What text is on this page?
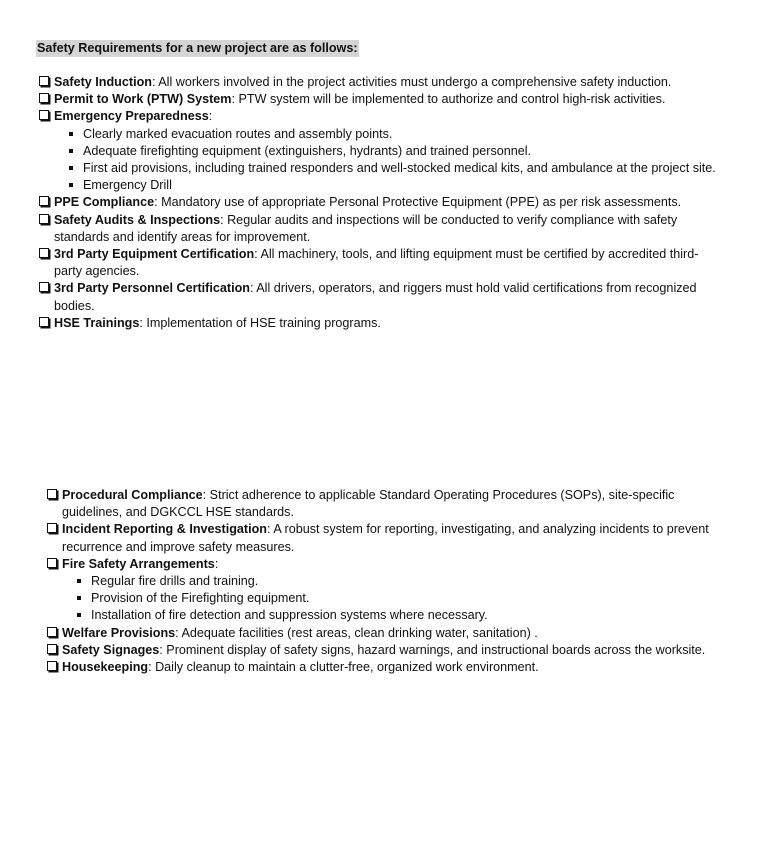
Safety Requirements for a new project are as follows:
Safety Induction: All workers involved in the project activities must undergo a comprehensive safety induction.
Permit to Work (PTW) System: PTW system will be implemented to authorize and control high-risk activities.
Emergency Preparedness:
Clearly marked evacuation routes and assembly points.
Adequate firefighting equipment (extinguishers, hydrants) and trained personnel.
First aid provisions, including trained responders and well-stocked medical kits, and ambulance at the project site.
Emergency Drill
PPE Compliance: Mandatory use of appropriate Personal Protective Equipment (PPE) as per risk assessments.
Safety Audits & Inspections: Regular audits and inspections will be conducted to verify compliance with safety standards and identify areas for improvement.
3rd Party Equipment Certification: All machinery, tools, and lifting equipment must be certified by accredited third-party agencies.
3rd Party Personnel Certification: All drivers, operators, and riggers must hold valid certifications from recognized bodies.
HSE Trainings: Implementation of HSE training programs.
Procedural Compliance: Strict adherence to applicable Standard Operating Procedures (SOPs), site-specific guidelines, and DGKCCL HSE standards.
Incident Reporting & Investigation: A robust system for reporting, investigating, and analyzing incidents to prevent recurrence and improve safety measures.
Fire Safety Arrangements:
Regular fire drills and training.
Provision of the Firefighting equipment.
Installation of fire detection and suppression systems where necessary.
Welfare Provisions: Adequate facilities (rest areas, clean drinking water, sanitation) .
Safety Signages: Prominent display of safety signs, hazard warnings, and instructional boards across the worksite.
Housekeeping: Daily cleanup to maintain a clutter-free, organized work environment.
